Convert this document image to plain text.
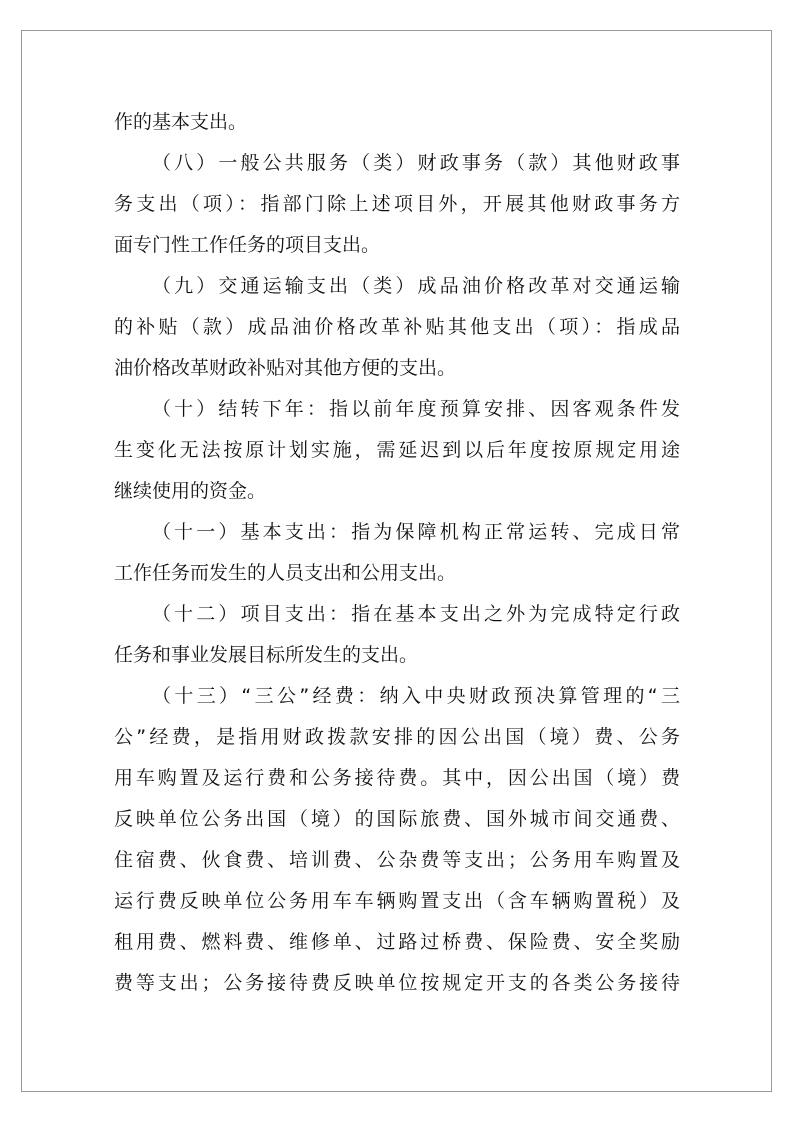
作的基本支出。
（八）一般公共服务（类）财政事务（款）其他财政事
务支出（项）：指部门除上述项目外，开展其他财政事务方
面专门性工作任务的项目支出。
（九）交通运输支出（类）成品油价格改革对交通运输
的补贴（款）成品油价格改革补贴其他支出（项）：指成品
油价格改革财政补贴对其他方便的支出。
（十）结转下年：指以前年度预算安排、因客观条件发
生变化无法按原计划实施，需延迟到以后年度按原规定用途
继续使用的资金。
（十一）基本支出：指为保障机构正常运转、完成日常
工作任务而发生的人员支出和公用支出。
（十二）项目支出：指在基本支出之外为完成特定行政
任务和事业发展目标所发生的支出。
（十三）“三公”经费：纳入中央财政预决算管理的“三
公”经费，是指用财政拨款安排的因公出国（境）费、公务
用车购置及运行费和公务接待费。其中，因公出国（境）费
反映单位公务出国（境）的国际旅费、国外城市间交通费、
住宿费、伙食费、培训费、公杂费等支出；公务用车购置及
运行费反映单位公务用车车辆购置支出（含车辆购置税）及
租用费、燃料费、维修单、过路过桥费、保险费、安全奖励
费等支出；公务接待费反映单位按规定开支的各类公务接待
